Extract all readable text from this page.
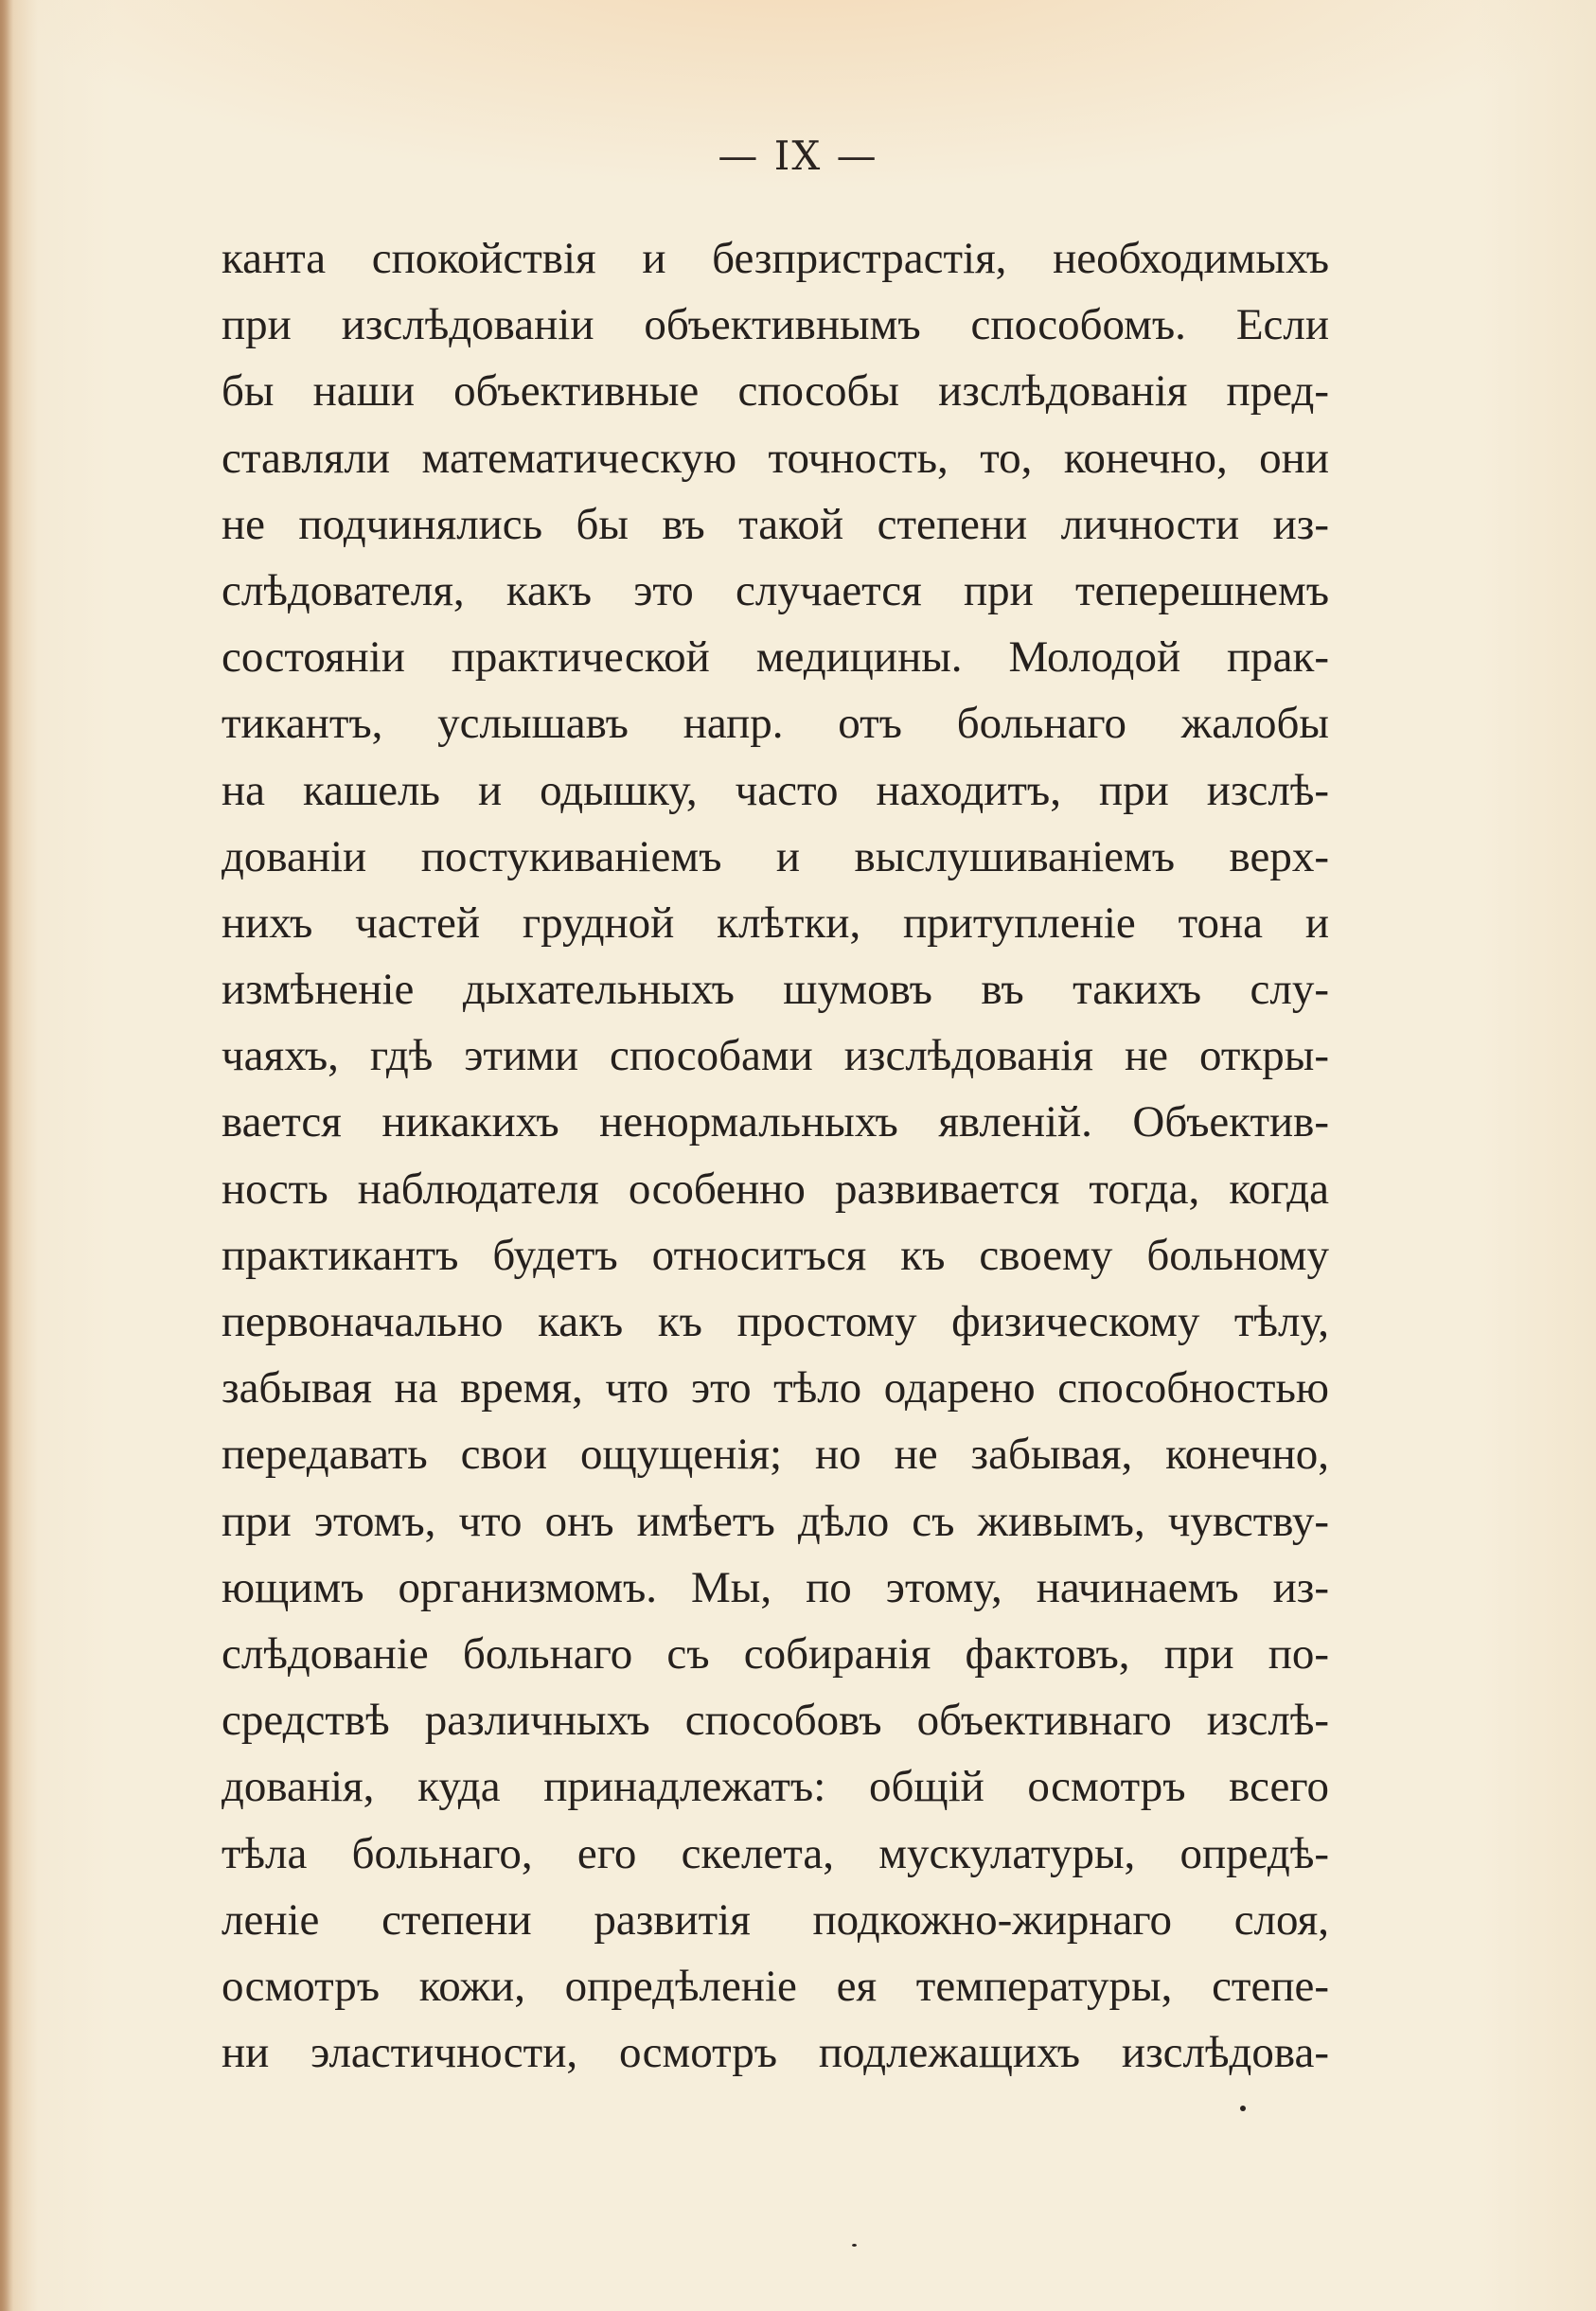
— IX —
канта спокойствія и безпристрастія, необходимыхъ
при изслѣдованіи объективнымъ способомъ. Если
бы наши объективные способы изслѣдованія пред-
ставляли математическую точность, то, конечно, они
не подчинялись бы въ такой степени личности из-
слѣдователя, какъ это случается при теперешнемъ
состояніи практической медицины. Молодой прак-
тикантъ, услышавъ напр. отъ больнаго жалобы
на кашель и одышку, часто находитъ, при изслѣ-
дованіи постукиваніемъ и выслушиваніемъ верх-
нихъ частей грудной клѣтки, притупленіе тона и
измѣненіе дыхательныхъ шумовъ въ такихъ слу-
чаяхъ, гдѣ этими способами изслѣдованія не откры-
вается никакихъ ненормальныхъ явленій. Объектив-
ность наблюдателя особенно развивается тогда, когда
практикантъ будетъ относитъся къ своему больному
первоначально какъ къ простому физическому тѣлу,
забывая на время, что это тѣло одарено способностью
передавать свои ощущенія; но не забывая, конечно,
при этомъ, что онъ имѣетъ дѣло съ живымъ, чувству-
ющимъ организмомъ. Мы, по этому, начинаемъ из-
слѣдованіе больнаго съ собиранія фактовъ, при по-
средствѣ различныхъ способовъ объективнаго изслѣ-
дованія, куда принадлежатъ: общій осмотръ всего
тѣла больнаго, его скелета, мускулатуры, опредѣ-
леніе степени развитія подкожно-жирнаго слоя,
осмотръ кожи, опредѣленіе ея температуры, степе-
ни эластичности, осмотръ подлежащихъ изслѣдова-
